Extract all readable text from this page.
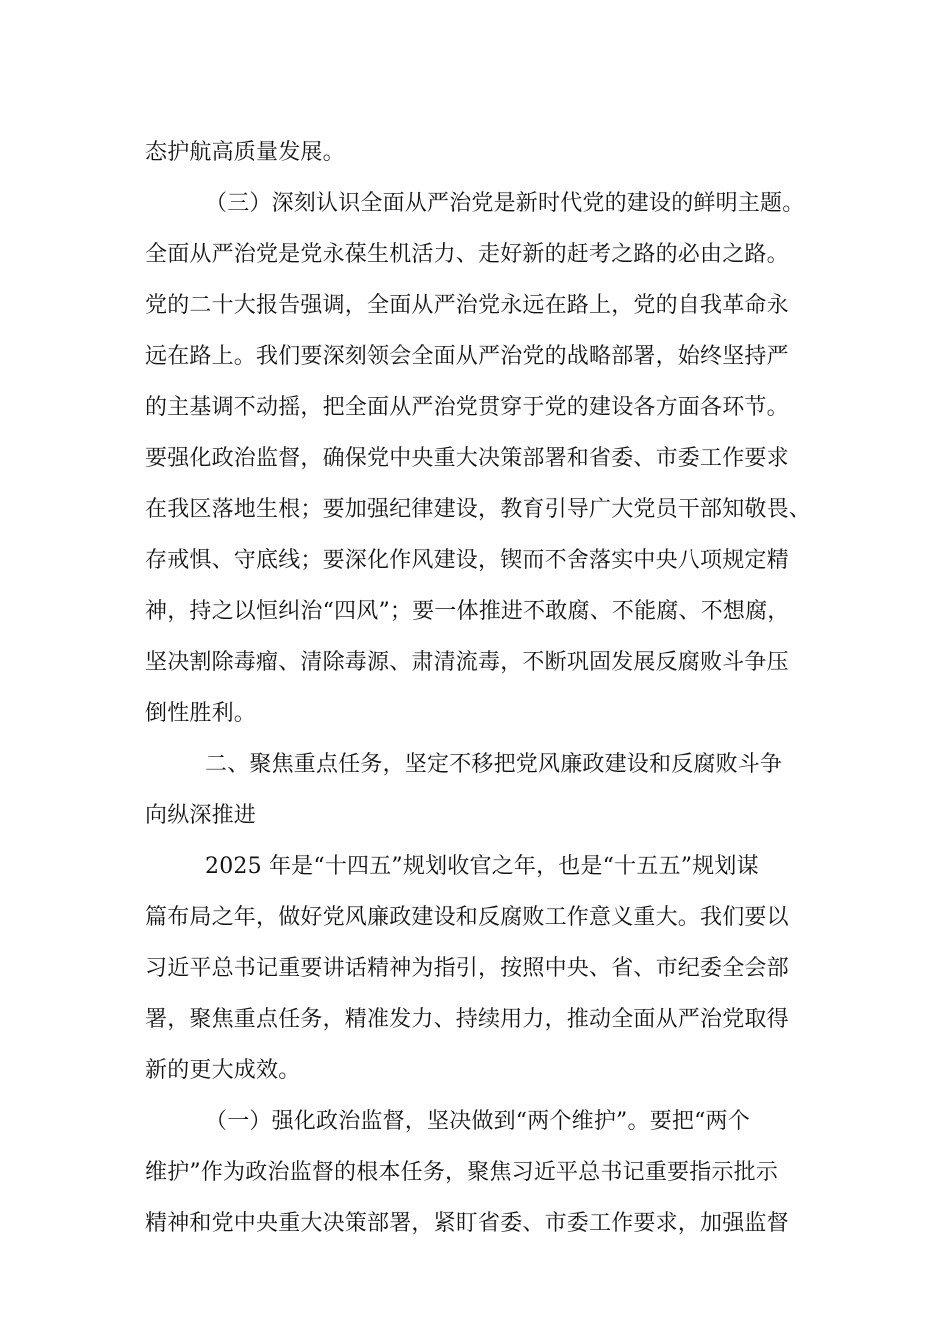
态护航高质量发展。
（三）深刻认识全面从严治党是新时代党的建设的鲜明主题。
全面从严治党是党永葆生机活力、走好新的赶考之路的必由之路。
党的二十大报告强调，全面从严治党永远在路上，党的自我革命永
远在路上。我们要深刻领会全面从严治党的战略部署，始终坚持严
的主基调不动摇，把全面从严治党贯穿于党的建设各方面各环节。
要强化政治监督，确保党中央重大决策部署和省委、市委工作要求
在我区落地生根；要加强纪律建设，教育引导广大党员干部知敬畏、
存戒惧、守底线；要深化作风建设，锲而不舍落实中央八项规定精
神，持之以恒纠治“四风”；要一体推进不敢腐、不能腐、不想腐，
坚决割除毒瘤、清除毒源、肃清流毒，不断巩固发展反腐败斗争压
倒性胜利。
二、聚焦重点任务，坚定不移把党风廉政建设和反腐败斗争
向纵深推进
2025 年是“十四五”规划收官之年，也是“十五五”规划谋
篇布局之年，做好党风廉政建设和反腐败工作意义重大。我们要以
习近平总书记重要讲话精神为指引，按照中央、省、市纪委全会部
署，聚焦重点任务，精准发力、持续用力，推动全面从严治党取得
新的更大成效。
（一）强化政治监督，坚决做到“两个维护”。要把“两个
维护”作为政治监督的根本任务，聚焦习近平总书记重要指示批示
精神和党中央重大决策部署，紧盯省委、市委工作要求，加强监督
